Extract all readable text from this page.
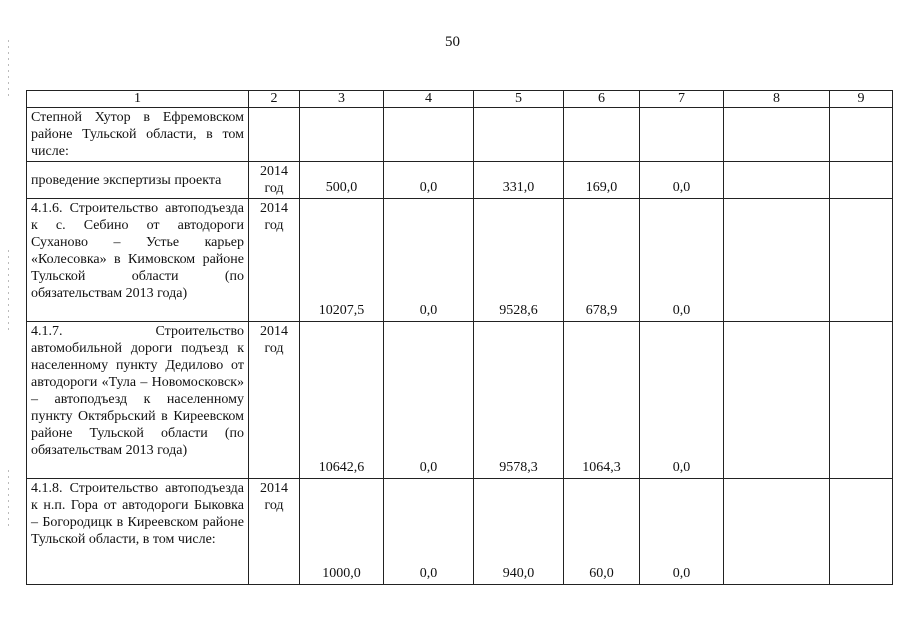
50
1	2	3	4	5	6	7	8	9
Степной Хутор в Ефремовском районе Тульской области, в том числе:								
проведение экспертизы проекта	2014 год	500,0	0,0	331,0	169,0	0,0		
4.1.6. Строительство автоподъезда к с. Себино от автодороги Суханово – Устье карьер «Колесовка» в Кимовском районе Тульской области (по обязательствам 2013 года)	2014 год	10207,5	0,0	9528,6	678,9	0,0		
4.1.7. Строительство автомобильной дороги подъезд к населенному пункту Дедилово от автодороги «Тула – Новомосковск» – автоподъезд к населенному пункту Октябрьский в Киреевском районе Тульской области (по обязательствам 2013 года)	2014 год	10642,6	0,0	9578,3	1064,3	0,0		
4.1.8. Строительство автоподъезда к н.п. Гора от автодороги Быковка – Богородицк в Киреевском районе Тульской области, в том числе:	2014 год	1000,0	0,0	940,0	60,0	0,0		
